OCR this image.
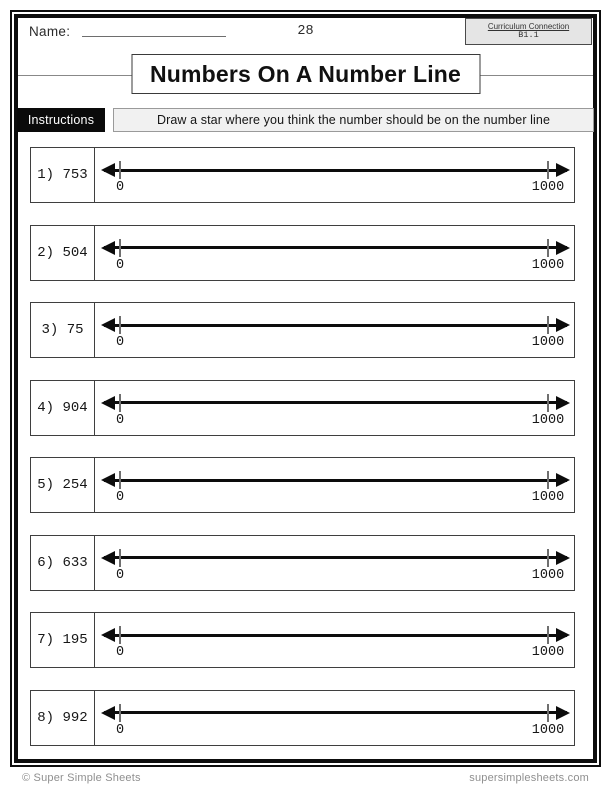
Name:	28	Curriculum Connection
B1.1
Numbers On A Number Line
Instructions	Draw a star where you think the number should be on the number line
1) 753
0	1000
2) 504
0	1000
3) 75
0	1000
4) 904
0	1000
5) 254
0	1000
6) 633
0	1000
7) 195
0	1000
8) 992
0	1000
© Super Simple Sheets	supersimplesheets.com
